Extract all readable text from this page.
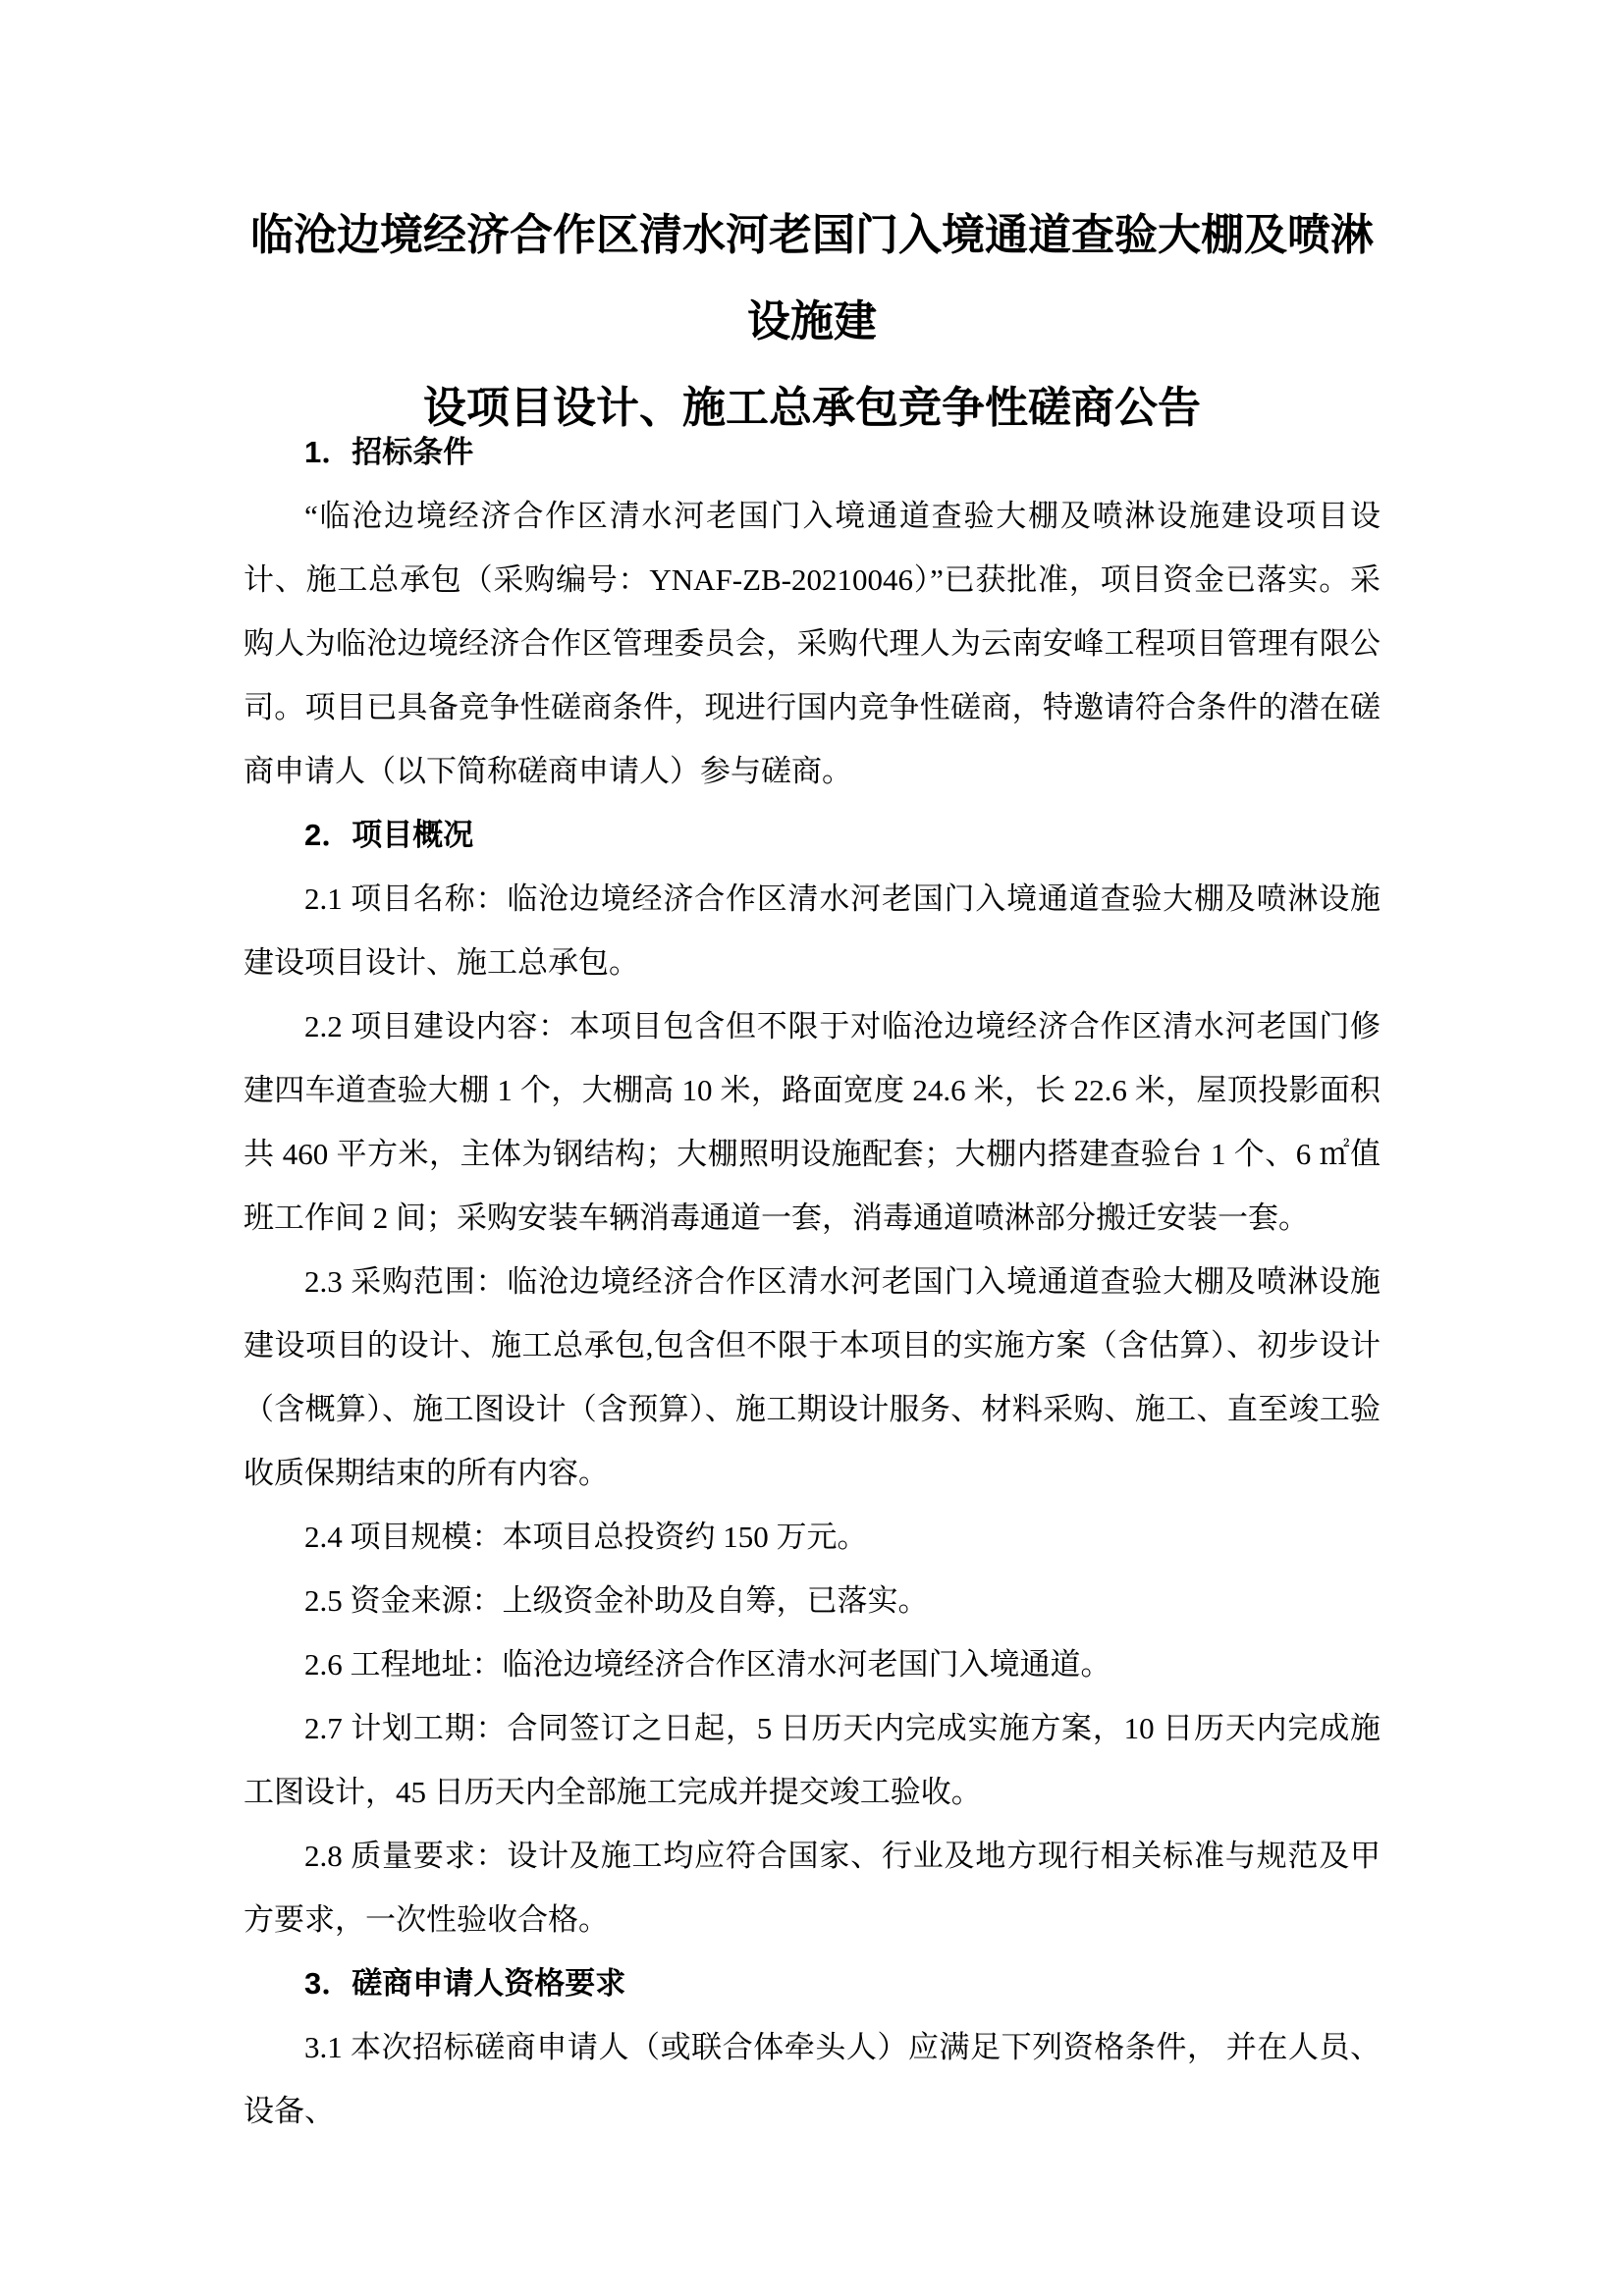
临沧边境经济合作区清水河老国门入境通道查验大棚及喷淋设施建
设项目设计、施工总承包竞争性磋商公告

1．招标条件

“临沧边境经济合作区清水河老国门入境通道查验大棚及喷淋设施建设项目设计、施工总承包（采购编号：YNAF-ZB-20210046）”已获批准，项目资金已落实。采购人为临沧边境经济合作区管理委员会，采购代理人为云南安峰工程项目管理有限公司。项目已具备竞争性磋商条件，现进行国内竞争性磋商，特邀请符合条件的潜在磋商申请人（以下简称磋商申请人）参与磋商。

2．项目概况

2.1 项目名称：临沧边境经济合作区清水河老国门入境通道查验大棚及喷淋设施建设项目设计、施工总承包。

2.2 项目建设内容：本项目包含但不限于对临沧边境经济合作区清水河老国门修建四车道查验大棚 1 个，大棚高 10 米，路面宽度 24.6 米，长 22.6 米，屋顶投影面积共 460 平方米，主体为钢结构；大棚照明设施配套；大棚内搭建查验台 1 个、6 ㎡值班工作间 2 间；采购安装车辆消毒通道一套，消毒通道喷淋部分搬迁安装一套。

2.3 采购范围：临沧边境经济合作区清水河老国门入境通道查验大棚及喷淋设施建设项目的设计、施工总承包,包含但不限于本项目的实施方案（含估算）、初步设计（含概算）、施工图设计（含预算）、施工期设计服务、材料采购、施工、直至竣工验收质保期结束的所有内容。

2.4 项目规模：本项目总投资约 150 万元。

2.5 资金来源：上级资金补助及自筹，已落实。

2.6 工程地址：临沧边境经济合作区清水河老国门入境通道。

2.7 计划工期：合同签订之日起，5 日历天内完成实施方案，10 日历天内完成施工图设计，45 日历天内全部施工完成并提交竣工验收。

2.8 质量要求：设计及施工均应符合国家、行业及地方现行相关标准与规范及甲方要求，一次性验收合格。

3．磋商申请人资格要求

3.1 本次招标磋商申请人（或联合体牵头人）应满足下列资格条件， 并在人员、设备、
